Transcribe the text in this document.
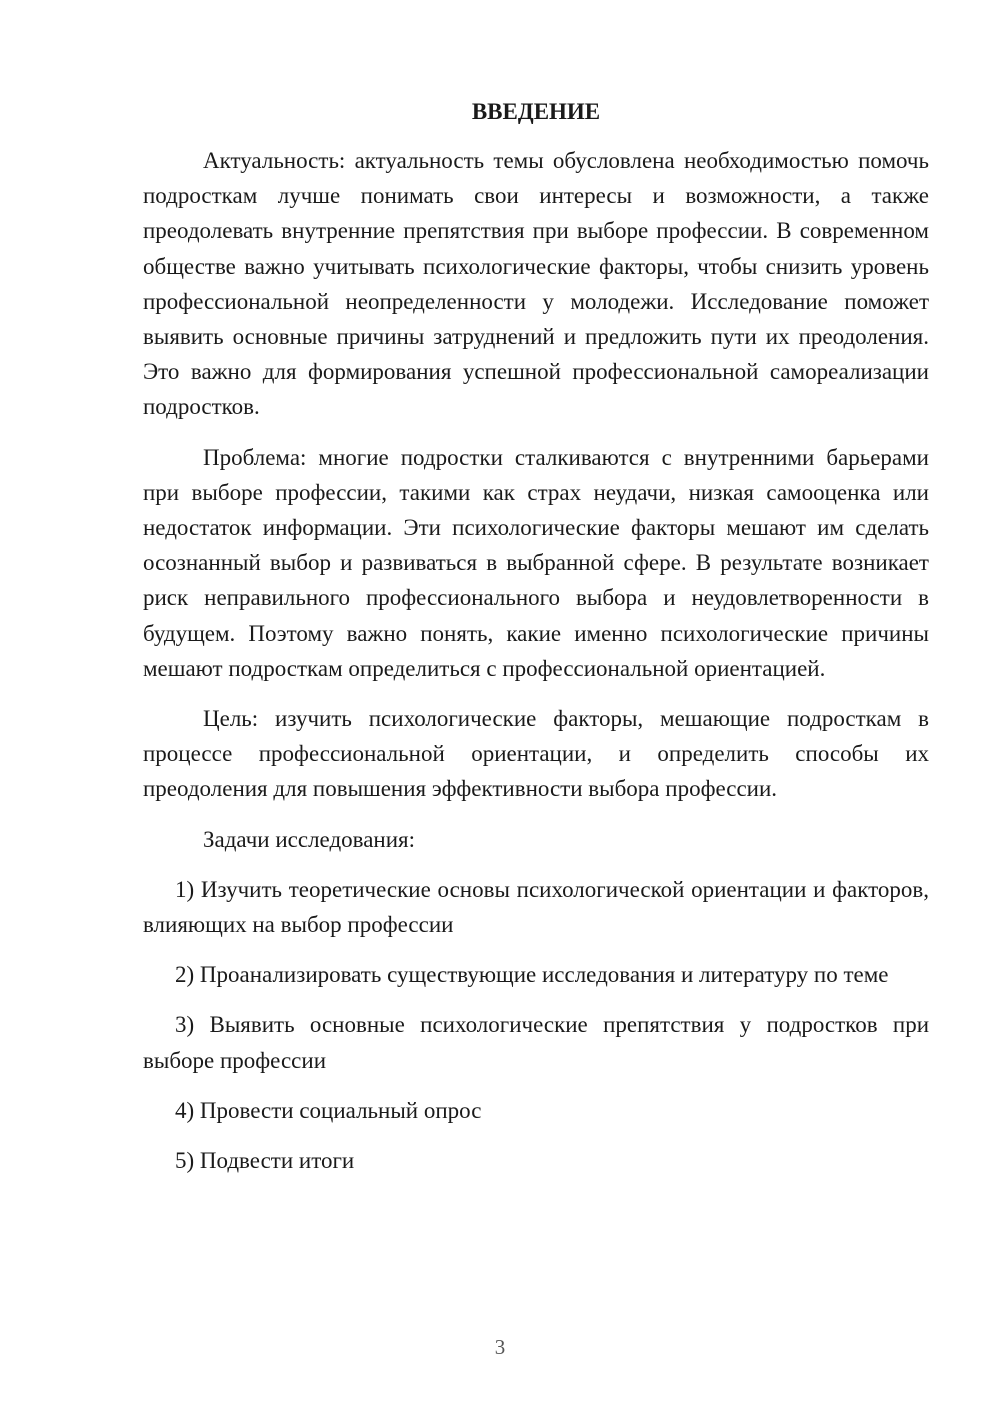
ВВЕДЕНИЕ

Актуальность: актуальность темы обусловлена необходимостью помочь подросткам лучше понимать свои интересы и возможности, а также преодолевать внутренние препятствия при выборе профессии. В современном обществе важно учитывать психологические факторы, чтобы снизить уровень профессиональной неопределенности у молодежи. Исследование поможет выявить основные причины затруднений и предложить пути их преодоления. Это важно для формирования успешной профессиональной самореализации подростков.

Проблема: многие подростки сталкиваются с внутренними барьерами при выборе профессии, такими как страх неудачи, низкая самооценка или недостаток информации. Эти психологические факторы мешают им сделать осознанный выбор и развиваться в выбранной сфере. В результате возникает риск неправильного профессионального выбора и неудовлетворенности в будущем. Поэтому важно понять, какие именно психологические причины мешают подросткам определиться с профессиональной ориентацией.

Цель: изучить психологические факторы, мешающие подросткам в процессе профессиональной ориентации, и определить способы их преодоления для повышения эффективности выбора профессии.

Задачи исследования:

1) Изучить теоретические основы психологической ориентации и факторов, влияющих на выбор профессии

2) Проанализировать существующие исследования и литературу по теме

3) Выявить основные психологические препятствия у подростков при выборе профессии

4) Провести социальный опрос

5) Подвести итоги

3
